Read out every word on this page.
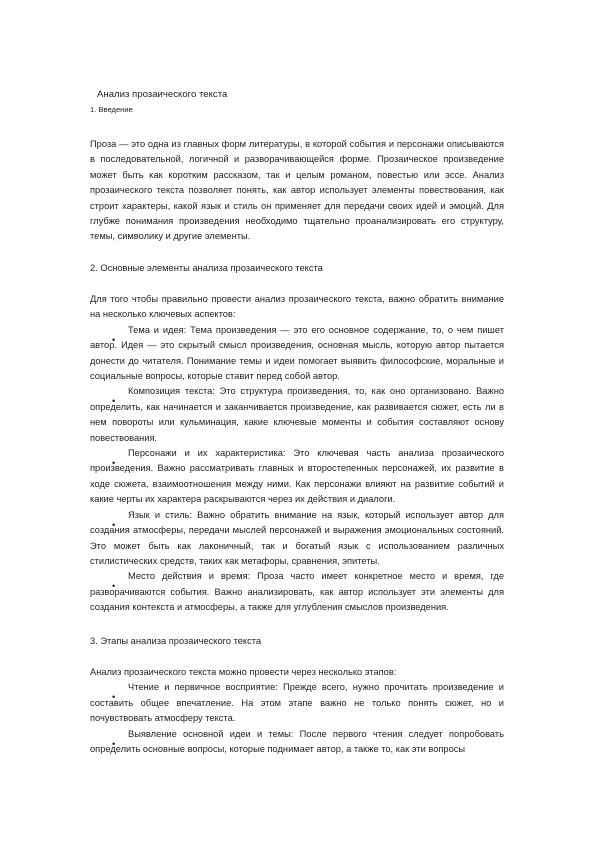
Анализ прозаического текста
1. Введение

Проза — это одна из главных форм литературы, в которой события и персонажи описываются в последовательной, логичной и разворачивающейся форме. Прозаическое произведение может быть как коротким рассказом, так и целым романом, повестью или эссе. Анализ прозаического текста позволяет понять, как автор использует элементы повествования, как строит характеры, какой язык и стиль он применяет для передачи своих идей и эмоций. Для глубже понимания произведения необходимо тщательно проанализировать его структуру, темы, символику и другие элементы.

2. Основные элементы анализа прозаического текста

Для того чтобы правильно провести анализ прозаического текста, важно обратить внимание на несколько ключевых аспектов:

Тема и идея: Тема произведения — это его основное содержание, то, о чем пишет автор. Идея — это скрытый смысл произведения, основная мысль, которую автор пытается донести до читателя. Понимание темы и идеи помогает выявить философские, моральные и социальные вопросы, которые ставит перед собой автор.
Композиция текста: Это структура произведения, то, как оно организовано. Важно определить, как начинается и заканчивается произведение, как развивается сюжет, есть ли в нем повороты или кульминация, какие ключевые моменты и события составляют основу повествования.
Персонажи и их характеристика: Это ключевая часть анализа прозаического произведения. Важно рассматривать главных и второстепенных персонажей, их развитие в ходе сюжета, взаимоотношения между ними. Как персонажи влияют на развитие событий и какие черты их характера раскрываются через их действия и диалоги.
Язык и стиль: Важно обратить внимание на язык, который использует автор для создания атмосферы, передачи мыслей персонажей и выражения эмоциональных состояний. Это может быть как лаконичный, так и богатый язык с использованием различных стилистических средств, таких как метафоры, сравнения, эпитеты.
Место действия и время: Проза часто имеет конкретное место и время, где разворачиваются события. Важно анализировать, как автор использует эти элементы для создания контекста и атмосферы, а также для углубления смыслов произведения.

3. Этапы анализа прозаического текста

Анализ прозаического текста можно провести через несколько этапов:

Чтение и первичное восприятие: Прежде всего, нужно прочитать произведение и составить общее впечатление. На этом этапе важно не только понять сюжет, но и почувствовать атмосферу текста.
Выявление основной идеи и темы: После первого чтения следует попробовать определить основные вопросы, которые поднимает автор, а также то, как эти вопросы
